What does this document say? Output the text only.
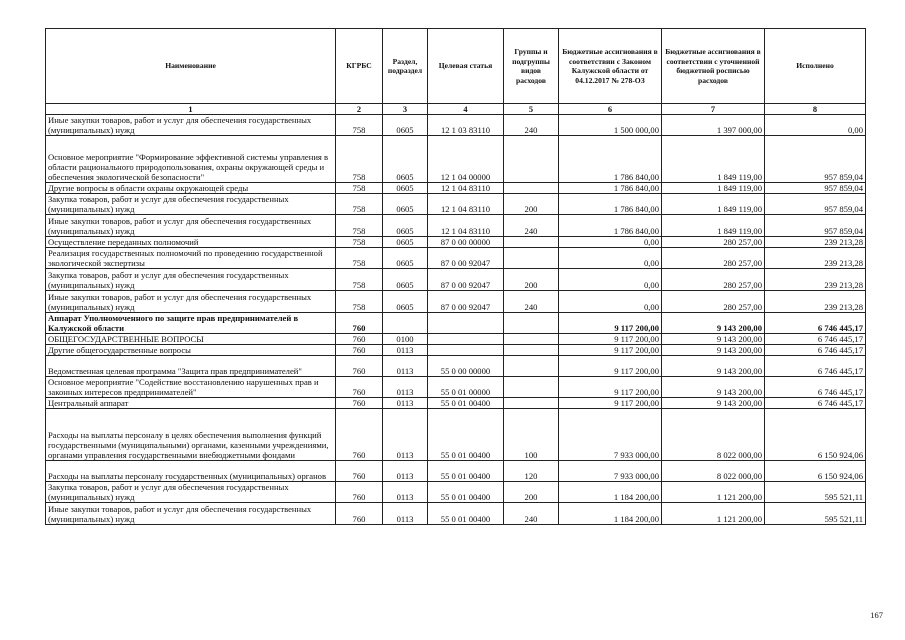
Наименование	КГРБС	Раздел, подраздел	Целевая статья	Группы и подгруппы видов расходов	Бюджетные ассигнования в соответствии с Законом Калужской области от 04.12.2017 № 278-ОЗ	Бюджетные ассигнования в соответствии с уточненной бюджетной росписью расходов	Исполнено
1	2	3	4	5	6	7	8
Иные закупки товаров, работ и услуг для обеспечения государственных (муниципальных) нужд	758	0605	12 1 03 83110	240	1 500 000,00	1 397 000,00	0,00
Основное мероприятие "Формирование эффективной системы управления в области рационального природопользования, охраны окружающей среды и обеспечения экологической безопасности"	758	0605	12 1 04 00000		1 786 840,00	1 849 119,00	957 859,04
Другие вопросы в области охраны окружающей среды	758	0605	12 1 04 83110		1 786 840,00	1 849 119,00	957 859,04
Закупка товаров, работ и услуг для обеспечения государственных (муниципальных) нужд	758	0605	12 1 04 83110	200	1 786 840,00	1 849 119,00	957 859,04
Иные закупки товаров, работ и услуг для обеспечения государственных (муниципальных) нужд	758	0605	12 1 04 83110	240	1 786 840,00	1 849 119,00	957 859,04
Осуществление переданных полномочий	758	0605	87 0 00 00000		0,00	280 257,00	239 213,28
Реализация государственных полномочий по проведению государственной экологической экспертизы	758	0605	87 0 00 92047		0,00	280 257,00	239 213,28
Закупка товаров, работ и услуг для обеспечения государственных (муниципальных) нужд	758	0605	87 0 00 92047	200	0,00	280 257,00	239 213,28
Иные закупки товаров, работ и услуг для обеспечения государственных (муниципальных) нужд	758	0605	87 0 00 92047	240	0,00	280 257,00	239 213,28
Аппарат Уполномоченного по защите прав предпринимателей в Калужской области	760				9 117 200,00	9 143 200,00	6 746 445,17
ОБЩЕГОСУДАРСТВЕННЫЕ ВОПРОСЫ	760	0100			9 117 200,00	9 143 200,00	6 746 445,17
Другие общегосударственные вопросы	760	0113			9 117 200,00	9 143 200,00	6 746 445,17
Ведомственная целевая программа "Защита прав предпринимателей"	760	0113	55 0 00 00000		9 117 200,00	9 143 200,00	6 746 445,17
Основное мероприятие "Содействие восстановлению нарушенных прав и законных интересов предпринимателей"	760	0113	55 0 01 00000		9 117 200,00	9 143 200,00	6 746 445,17
Центральный аппарат	760	0113	55 0 01 00400		9 117 200,00	9 143 200,00	6 746 445,17
Расходы на выплаты персоналу в целях обеспечения выполнения функций государственными (муниципальными) органами, казенными учреждениями, органами управления государственными внебюджетными фондами	760	0113	55 0 01 00400	100	7 933 000,00	8 022 000,00	6 150 924,06
Расходы на выплаты персоналу государственных (муниципальных) органов	760	0113	55 0 01 00400	120	7 933 000,00	8 022 000,00	6 150 924,06
Закупка товаров, работ и услуг для обеспечения государственных (муниципальных) нужд	760	0113	55 0 01 00400	200	1 184 200,00	1 121 200,00	595 521,11
Иные закупки товаров, работ и услуг для обеспечения государственных (муниципальных) нужд	760	0113	55 0 01 00400	240	1 184 200,00	1 121 200,00	595 521,11
167
